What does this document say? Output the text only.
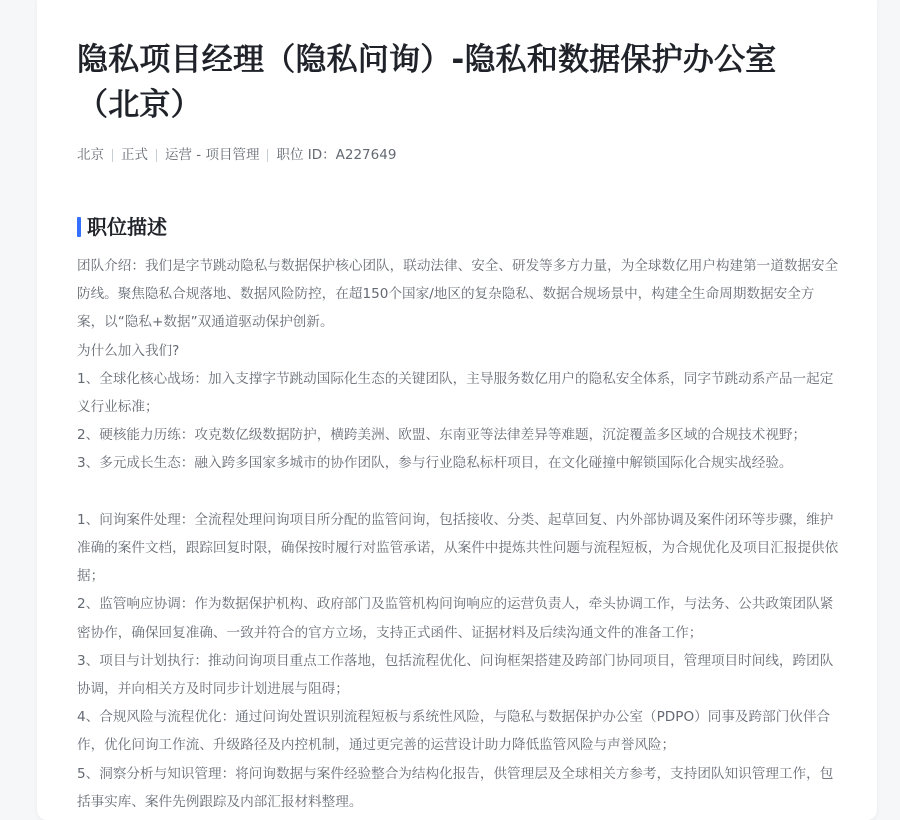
隐私项目经理（隐私问询）-隐私和数据保护办公室（北京）
北京 正式 运营 - 项目管理 职位 ID：A227649
职位描述

团队介绍：我们是字节跳动隐私与数据保护核心团队，联动法律、安全、研发等多方力量，为全球数亿用户构建第一道数据安全防线。聚焦隐私合规落地、数据风险防控，在超150个国家/地区的复杂隐私、数据合规场景中，构建全生命周期数据安全方案，以“隐私+数据”双通道驱动保护创新。

为什么加入我们?

1、全球化核心战场：加入支撑字节跳动国际化生态的关键团队，主导服务数亿用户的隐私安全体系，同字节跳动系产品一起定义行业标准；

2、硬核能力历练：攻克数亿级数据防护，横跨美洲、欧盟、东南亚等法律差异等难题，沉淀覆盖多区域的合规技术视野；

3、多元成长生态：融入跨多国家多城市的协作团队，参与行业隐私标杆项目，在文化碰撞中解锁国际化合规实战经验。

1、问询案件处理：全流程处理问询项目所分配的监管问询，包括接收、分类、起草回复、内外部协调及案件闭环等步骤，维护准确的案件文档，跟踪回复时限，确保按时履行对监管承诺，从案件中提炼共性问题与流程短板，为合规优化及项目汇报提供依据；

2、监管响应协调：作为数据保护机构、政府部门及监管机构问询响应的运营负责人，牵头协调工作，与法务、公共政策团队紧密协作，确保回复准确、一致并符合的官方立场，支持正式函件、证据材料及后续沟通文件的准备工作；

3、项目与计划执行：推动问询项目重点工作落地，包括流程优化、问询框架搭建及跨部门协同项目，管理项目时间线，跨团队协调，并向相关方及时同步计划进展与阻碍；

4、合规风险与流程优化：通过问询处置识别流程短板与系统性风险，与隐私与数据保护办公室（PDPO）同事及跨部门伙伴合作，优化问询工作流、升级路径及内控机制，通过更完善的运营设计助力降低监管风险与声誉风险；

5、洞察分析与知识管理：将问询数据与案件经验整合为结构化报告，供管理层及全球相关方参考，支持团队知识管理工作，包括事实库、案件先例跟踪及内部汇报材料整理。
